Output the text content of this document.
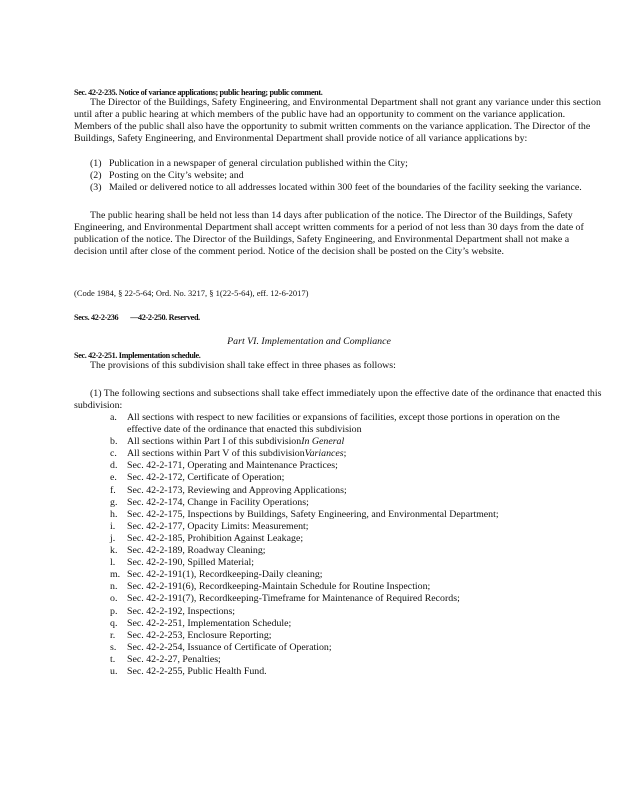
Sec. 42-2-235. Notice of variance applications; public hearing; public comment.

The Director of the Buildings, Safety Engineering, and Environmental Department shall not grant any variance under this section until after a public hearing at which members of the public have had an opportunity to comment on the variance application. Members of the public shall also have the opportunity to submit written comments on the variance application. The Director of the Buildings, Safety Engineering, and Environmental Department shall provide notice of all variance applications by:

(1) Publication in a newspaper of general circulation published within the City;
(2) Posting on the City’s website; and
(3) Mailed or delivered notice to all addresses located within 300 feet of the boundaries of the facility seeking the variance.

The public hearing shall be held not less than 14 days after publication of the notice. The Director of the Buildings, Safety Engineering, and Environmental Department shall accept written comments for a period of not less than 30 days from the date of publication of the notice. The Director of the Buildings, Safety Engineering, and Environmental Department shall not make a decision until after close of the comment period. Notice of the decision shall be posted on the City’s website.

(Code 1984, § 22-5-64; Ord. No. 3217, § 1(22-5-64), eff. 12-6-2017)
Secs. 42-2-236 —42-2-250. Reserved.
Part VI. Implementation and Compliance
Sec. 42-2-251. Implementation schedule.

The provisions of this subdivision shall take effect in three phases as follows:

(1) The following sections and subsections shall take effect immediately upon the effective date of the ordinance that enacted this subdivision:

a. All sections with respect to new facilities or expansions of facilities, except those portions in operation on the effective date of the ordinance that enacted this subdivision
b. All sections within Part I of this subdivisionIn General
c. All sections within Part V of this subdivisionVariances;
d. Sec. 42-2-171, Operating and Maintenance Practices;
e. Sec. 42-2-172, Certificate of Operation;
f. Sec. 42-2-173, Reviewing and Approving Applications;
g. Sec. 42-2-174, Change in Facility Operations;
h. Sec. 42-2-175, Inspections by Buildings, Safety Engineering, and Environmental Department;
i. Sec. 42-2-177, Opacity Limits: Measurement;
j. Sec. 42-2-185, Prohibition Against Leakage;
k. Sec. 42-2-189, Roadway Cleaning;
l. Sec. 42-2-190, Spilled Material;
m. Sec. 42-2-191(1), Recordkeeping-Daily cleaning;
n. Sec. 42-2-191(6), Recordkeeping-Maintain Schedule for Routine Inspection;
o. Sec. 42-2-191(7), Recordkeeping-Timeframe for Maintenance of Required Records;
p. Sec. 42-2-192, Inspections;
q. Sec. 42-2-251, Implementation Schedule;
r. Sec. 42-2-253, Enclosure Reporting;
s. Sec. 42-2-254, Issuance of Certificate of Operation;
t. Sec. 42-2-27, Penalties;
u. Sec. 42-2-255, Public Health Fund.
